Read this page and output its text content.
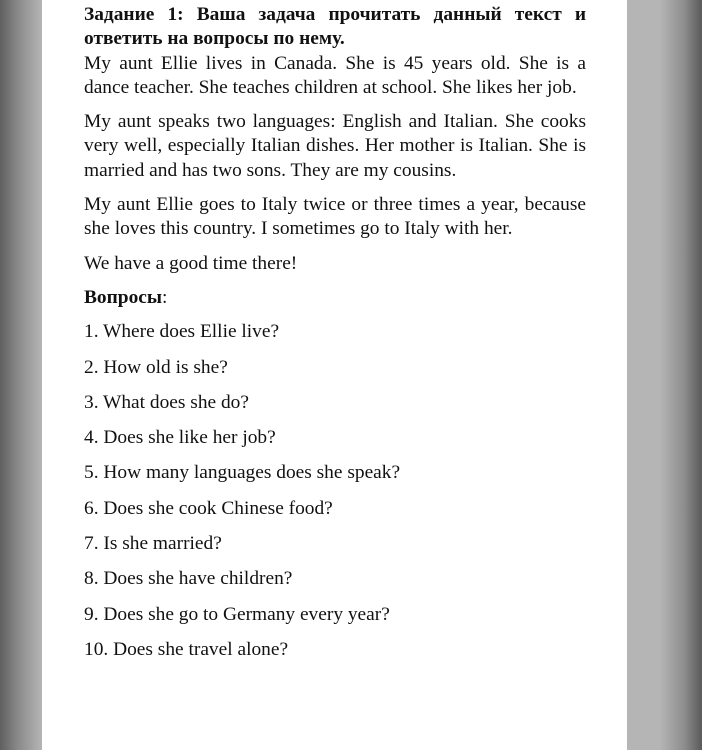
Задание 1: Ваша задача прочитать данный текст и ответить на вопросы по нему.

My aunt Ellie lives in Canada. She is 45 years old. She is a dance teacher. She teaches children at school. She likes her job.

My aunt speaks two languages: English and Italian. She cooks very well, especially Italian dishes. Her mother is Italian. She is married and has two sons. They are my cousins.

My aunt Ellie goes to Italy twice or three times a year, because she loves this country. I sometimes go to Italy with her.

We have a good time there!

Вопросы:
1. Where does Ellie live?
2. How old is she?
3. What does she do?
4. Does she like her job?
5. How many languages does she speak?
6. Does she cook Chinese food?
7. Is she married?
8. Does she have children?
9. Does she go to Germany every year?
10. Does she travel alone?
